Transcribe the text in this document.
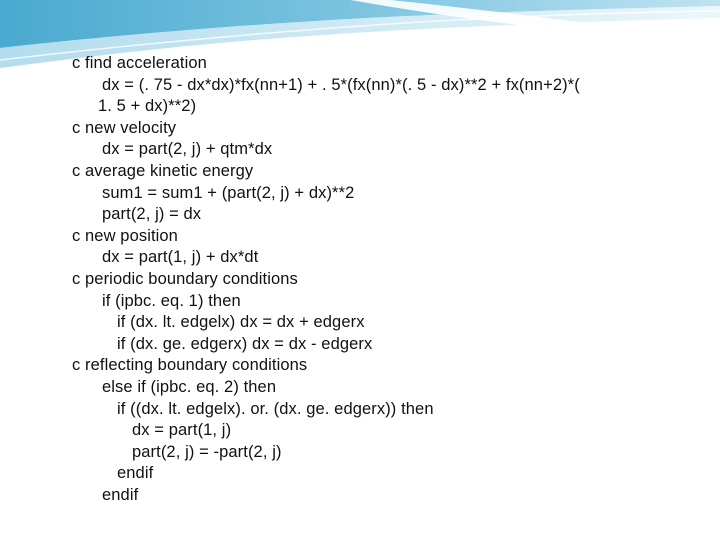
c find acceleration
dx = (. 75 - dx*dx)*fx(nn+1) + . 5*(fx(nn)*(. 5 - dx)**2 + fx(nn+2)*(
1. 5 + dx)**2)
c new velocity
dx = part(2, j) + qtm*dx
c average kinetic energy
sum1 = sum1 + (part(2, j) + dx)**2
part(2, j) = dx
c new position
dx = part(1, j) + dx*dt
c periodic boundary conditions
if (ipbc. eq. 1) then
if (dx. lt. edgelx) dx = dx + edgerx
if (dx. ge. edgerx) dx = dx - edgerx
c reflecting boundary conditions
else if (ipbc. eq. 2) then
if ((dx. lt. edgelx). or. (dx. ge. edgerx)) then
dx = part(1, j)
part(2, j) = -part(2, j)
endif
endif
